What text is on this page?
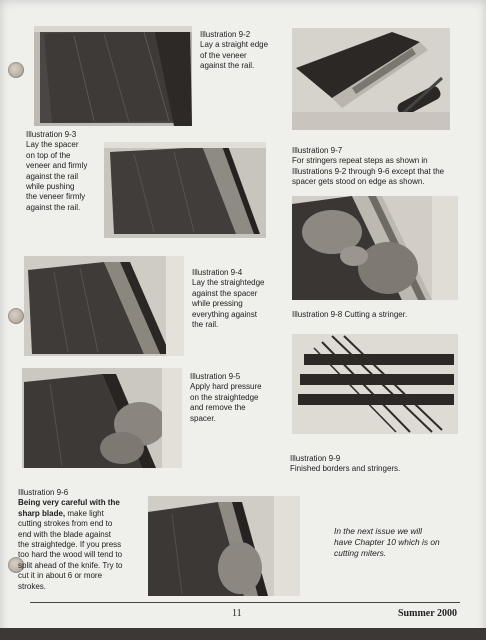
Illustration 9-2
Lay a straight edge
of the veneer
against the rail.
Illustration 9-7
For stringers repeat steps as shown in
Illustrations 9-2 through 9-6 except that the
spacer gets stood on edge as shown.
Illustration 9-3
Lay the spacer
on top of the
veneer and firmly
against the rail
while pushing
the veneer firmly
against the rail.
Illustration 9-8 Cutting a stringer.
Illustration 9-4
Lay the straightedge
against the spacer
while pressing
everything against
the rail.
Illustration 9-5
Apply hard pressure
on the straightedge
and remove the
spacer.
Illustration 9-9
Finished borders and stringers.
Illustration 9-6
Being very careful with the
sharp blade, make light
cutting strokes from end to
end with the blade against
the straightedge. If you press
too hard the wood will tend to
split ahead of the knife. Try to
cut it in about 6 or more
strokes.
In the next issue we will
have Chapter 10 which is on
cutting miters.
11	Summer 2000
